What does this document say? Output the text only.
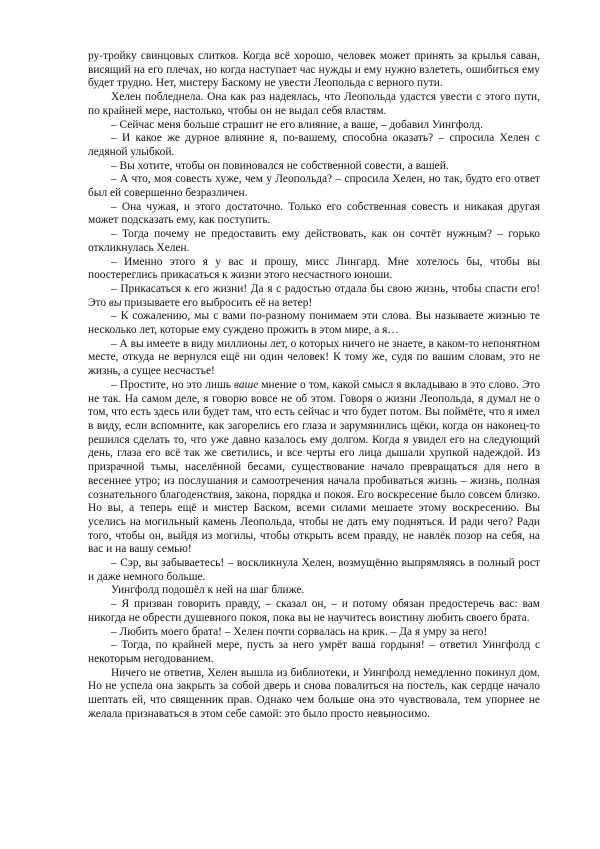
ру-тройку свинцовых слитков. Когда всё хорошо, человек может принять за крылья саван, висящий на его плечах, но когда наступает час нужды и ему нужно взлететь, ошибиться ему будет трудно. Нет, мистеру Баскому не увести Леопольда с верного пути.

Хелен побледнела. Она как раз надеялась, что Леопольда удастся увести с этого пути, по крайней мере, настолько, чтобы он не выдал себя властям.

– Сейчас меня больше страшит не его влияние, а ваше, – добавил Уингфолд.

– И какое же дурное влияние я, по-вашему, способна оказать? – спросила Хелен с ледяной улыбкой.

– Вы хотите, чтобы он повиновался не собственной совести, а вашей.

– А что, моя совесть хуже, чем у Леопольда? – спросила Хелен, но так, будто его ответ был ей совершенно безразличен.

– Она чужая, и этого достаточно. Только его собственная совесть и никакая другая может подсказать ему, как поступить.

– Тогда почему не предоставить ему действовать, как он сочтёт нужным? – горько откликнулась Хелен.

– Именно этого я у вас и прошу, мисс Лингард. Мне хотелось бы, чтобы вы поостереглись прикасаться к жизни этого несчастного юноши.

– Прикасаться к его жизни! Да я с радостью отдала бы свою жизнь, чтобы спасти его! Это вы призываете его выбросить её на ветер!

– К сожалению, мы с вами по-разному понимаем эти слова. Вы называете жизнью те несколько лет, которые ему суждено прожить в этом мире, а я…

– А вы имеете в виду миллионы лет, о которых ничего не знаете, в каком-то непонятном месте, откуда не вернулся ещё ни один человек! К тому же, судя по вашим словам, это не жизнь, а сущее несчастье!

– Простите, но это лишь ваше мнение о том, какой смысл я вкладываю в это слово. Это не так. На самом деле, я говорю вовсе не об этом. Говоря о жизни Леопольда, я думал не о том, что есть здесь или будет там, что есть сейчас и что будет потом. Вы поймёте, что я имел в виду, если вспомните, как загорелись его глаза и зарумянились щёки, когда он наконец-то решился сделать то, что уже давно казалось ему долгом. Когда я увидел его на следующий день, глаза его всё так же светились, и все черты его лица дышали хрупкой надеждой. Из призрачной тьмы, населённой бесами, существование начало превращаться для него в весеннее утро; из послушания и самоотречения начала пробиваться жизнь – жизнь, полная сознательного благоденствия, закона, порядка и покоя. Его воскресение было совсем близко. Но вы, а теперь ещё и мистер Баском, всеми силами мешаете этому воскресению. Вы уселись на могильный камень Леопольда, чтобы не дать ему подняться. И ради чего? Ради того, чтобы он, выйдя из могилы, чтобы открыть всем правду, не навлёк позор на себя, на вас и на вашу семью!

– Сэр, вы забываетесь! – воскликнула Хелен, возмущённо выпрямляясь в полный рост и даже немного больше.

Уингфолд подошёл к ней на шаг ближе.

– Я призван говорить правду, – сказал он, – и потому обязан предостеречь вас: вам никогда не обрести душевного покоя, пока вы не научитесь воистину любить своего брата.

– Любить моего брата! – Хелен почти сорвалась на крик. – Да я умру за него!

– Тогда, по крайней мере, пусть за него умрёт ваша гордыня! – ответил Уингфолд с некоторым негодованием.

Ничего не ответив, Хелен вышла из библиотеки, и Уингфолд немедленно покинул дом. Но не успела она закрыть за собой дверь и снова повалиться на постель, как сердце начало шептать ей, что священник прав. Однако чем больше она это чувствовала, тем упорнее не желала признаваться в этом себе самой: это было просто невыносимо.
